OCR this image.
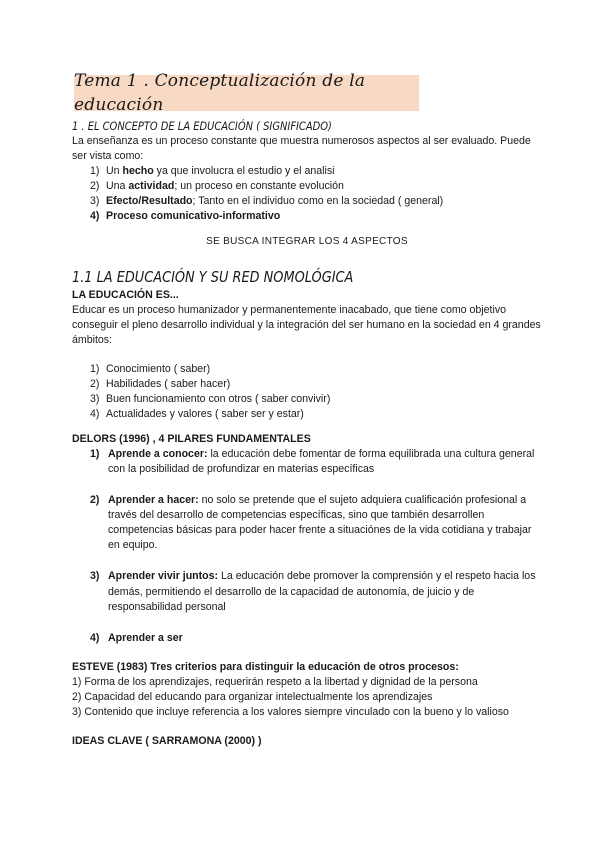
Tema 1 . Conceptualización de la educación
1 . EL CONCEPTO DE LA EDUCACIÓN ( SIGNIFICADO)

La enseñanza es un proceso constante que muestra numerosos aspectos al ser evaluado. Puede ser vista como:

1) Un hecho ya que involucra el estudio y el analisi
2) Una actividad; un proceso en constante evolución
3) Efecto/Resultado; Tanto en el individuo como en la sociedad ( general)
4) Proceso comunicativo-informativo

SE BUSCA INTEGRAR LOS 4 ASPECTOS

1.1 LA EDUCACIÓN Y SU RED NOMOLÓGICA

LA EDUCACIÓN ES...

Educar es un proceso humanizador y permanentemente inacabado, que tiene como objetivo conseguir el pleno desarrollo individual y la integración del ser humano en la sociedad en 4 grandes ámbitos:

1) Conocimiento ( saber)
2) Habilidades ( saber hacer)
3) Buen funcionamiento con otros ( saber convivir)
4) Actualidades y valores ( saber ser y estar)

DELORS (1996) , 4 PILARES FUNDAMENTALES

1) Aprende a conocer: la educación debe fomentar de forma equilibrada una cultura general con la posibilidad de profundizar en materias específicas
2) Aprender a hacer: no solo se pretende que el sujeto adquiera cualificación profesional a través del desarrollo de competencias específicas, sino que también desarrollen competencias básicas para poder hacer frente a situaciónes de la vida cotidiana y trabajar en equipo.
3) Aprender vivir juntos: La educación debe promover la comprensión y el respeto hacia los demás, permitiendo el desarrollo de la capacidad de autonomía, de juicio y de responsabilidad personal
4) Aprender a ser

ESTEVE (1983) Tres criterios para distinguir la educación de otros procesos:

1) Forma de los aprendizajes, requerirán respeto a la libertad y dignidad de la persona

2) Capacidad del educando para organizar intelectualmente los aprendizajes

3) Contenido que incluye referencia a los valores siempre vinculado con la bueno y lo valioso

IDEAS CLAVE ( SARRAMONA (2000) )
